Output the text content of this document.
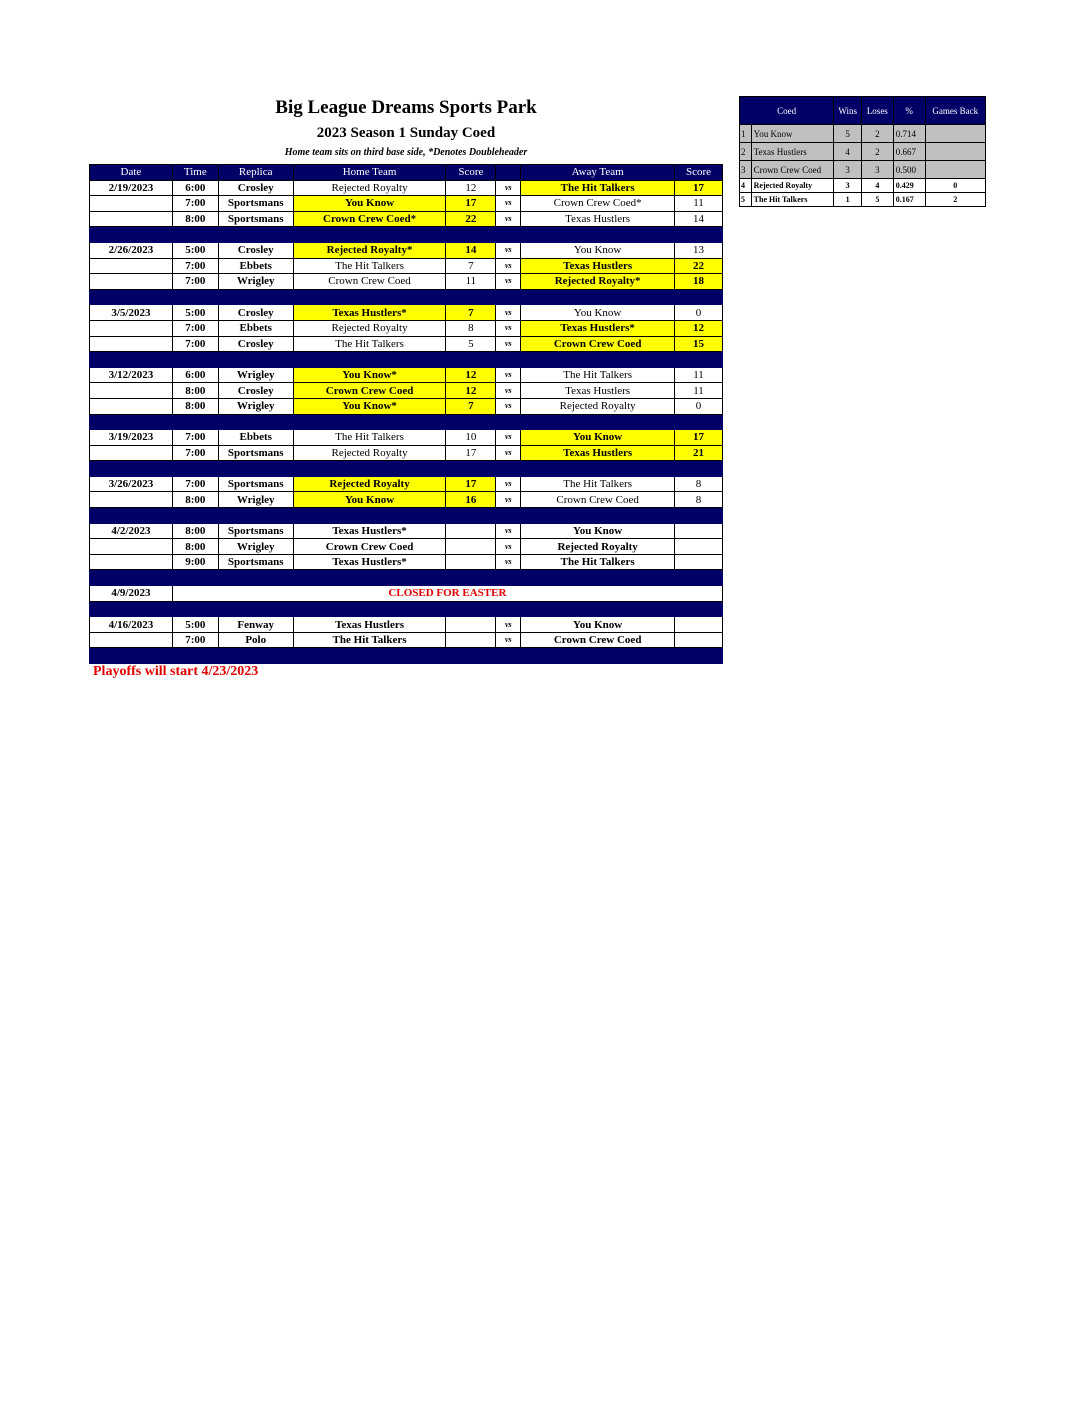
Big League Dreams Sports Park
2023 Season 1 Sunday Coed
Home team sits on third base side, *Denotes Doubleheader
Date	Time	Replica	Home Team	Score		Away Team	Score
2/19/2023	6:00	Crosley	Rejected Royalty	12	vs	The Hit Talkers	17
	7:00	Sportsmans	You Know	17	vs	Crown Crew Coed*	11
	8:00	Sportsmans	Crown Crew Coed*	22	vs	Texas Hustlers	14

2/26/2023	5:00	Crosley	Rejected Royalty*	14	vs	You Know	13
	7:00	Ebbets	The Hit Talkers	7	vs	Texas Hustlers	22
	7:00	Wrigley	Crown Crew Coed	11	vs	Rejected Royalty*	18

3/5/2023	5:00	Crosley	Texas Hustlers*	7	vs	You Know	0
	7:00	Ebbets	Rejected Royalty	8	vs	Texas Hustlers*	12
	7:00	Crosley	The Hit Talkers	5	vs	Crown Crew Coed	15

3/12/2023	6:00	Wrigley	You Know*	12	vs	The Hit Talkers	11
	8:00	Crosley	Crown Crew Coed	12	vs	Texas Hustlers	11
	8:00	Wrigley	You Know*	7	vs	Rejected Royalty	0

3/19/2023	7:00	Ebbets	The Hit Talkers	10	vs	You Know	17
	7:00	Sportsmans	Rejected Royalty	17	vs	Texas Hustlers	21

3/26/2023	7:00	Sportsmans	Rejected Royalty	17	vs	The Hit Talkers	8
	8:00	Wrigley	You Know	16	vs	Crown Crew Coed	8

4/2/2023	8:00	Sportsmans	Texas Hustlers*		vs	You Know	
	8:00	Wrigley	Crown Crew Coed		vs	Rejected Royalty	
	9:00	Sportsmans	Texas Hustlers*		vs	The Hit Talkers	

4/9/2023	CLOSED FOR EASTER						

4/16/2023	5:00	Fenway	Texas Hustlers		vs	You Know	
	7:00	Polo	The Hit Talkers		vs	Crown Crew Coed	

Coed		Wins	Loses	%	Games Back
1	You Know	5	2	0.714	
2	Texas Hustlers	4	2	0.667	
3	Crown Crew Coed	3	3	0.500	
4	Rejected Royalty	3	4	0.429	0
5	The Hit Talkers	1	5	0.167	2
Playoffs will start 4/23/2023
